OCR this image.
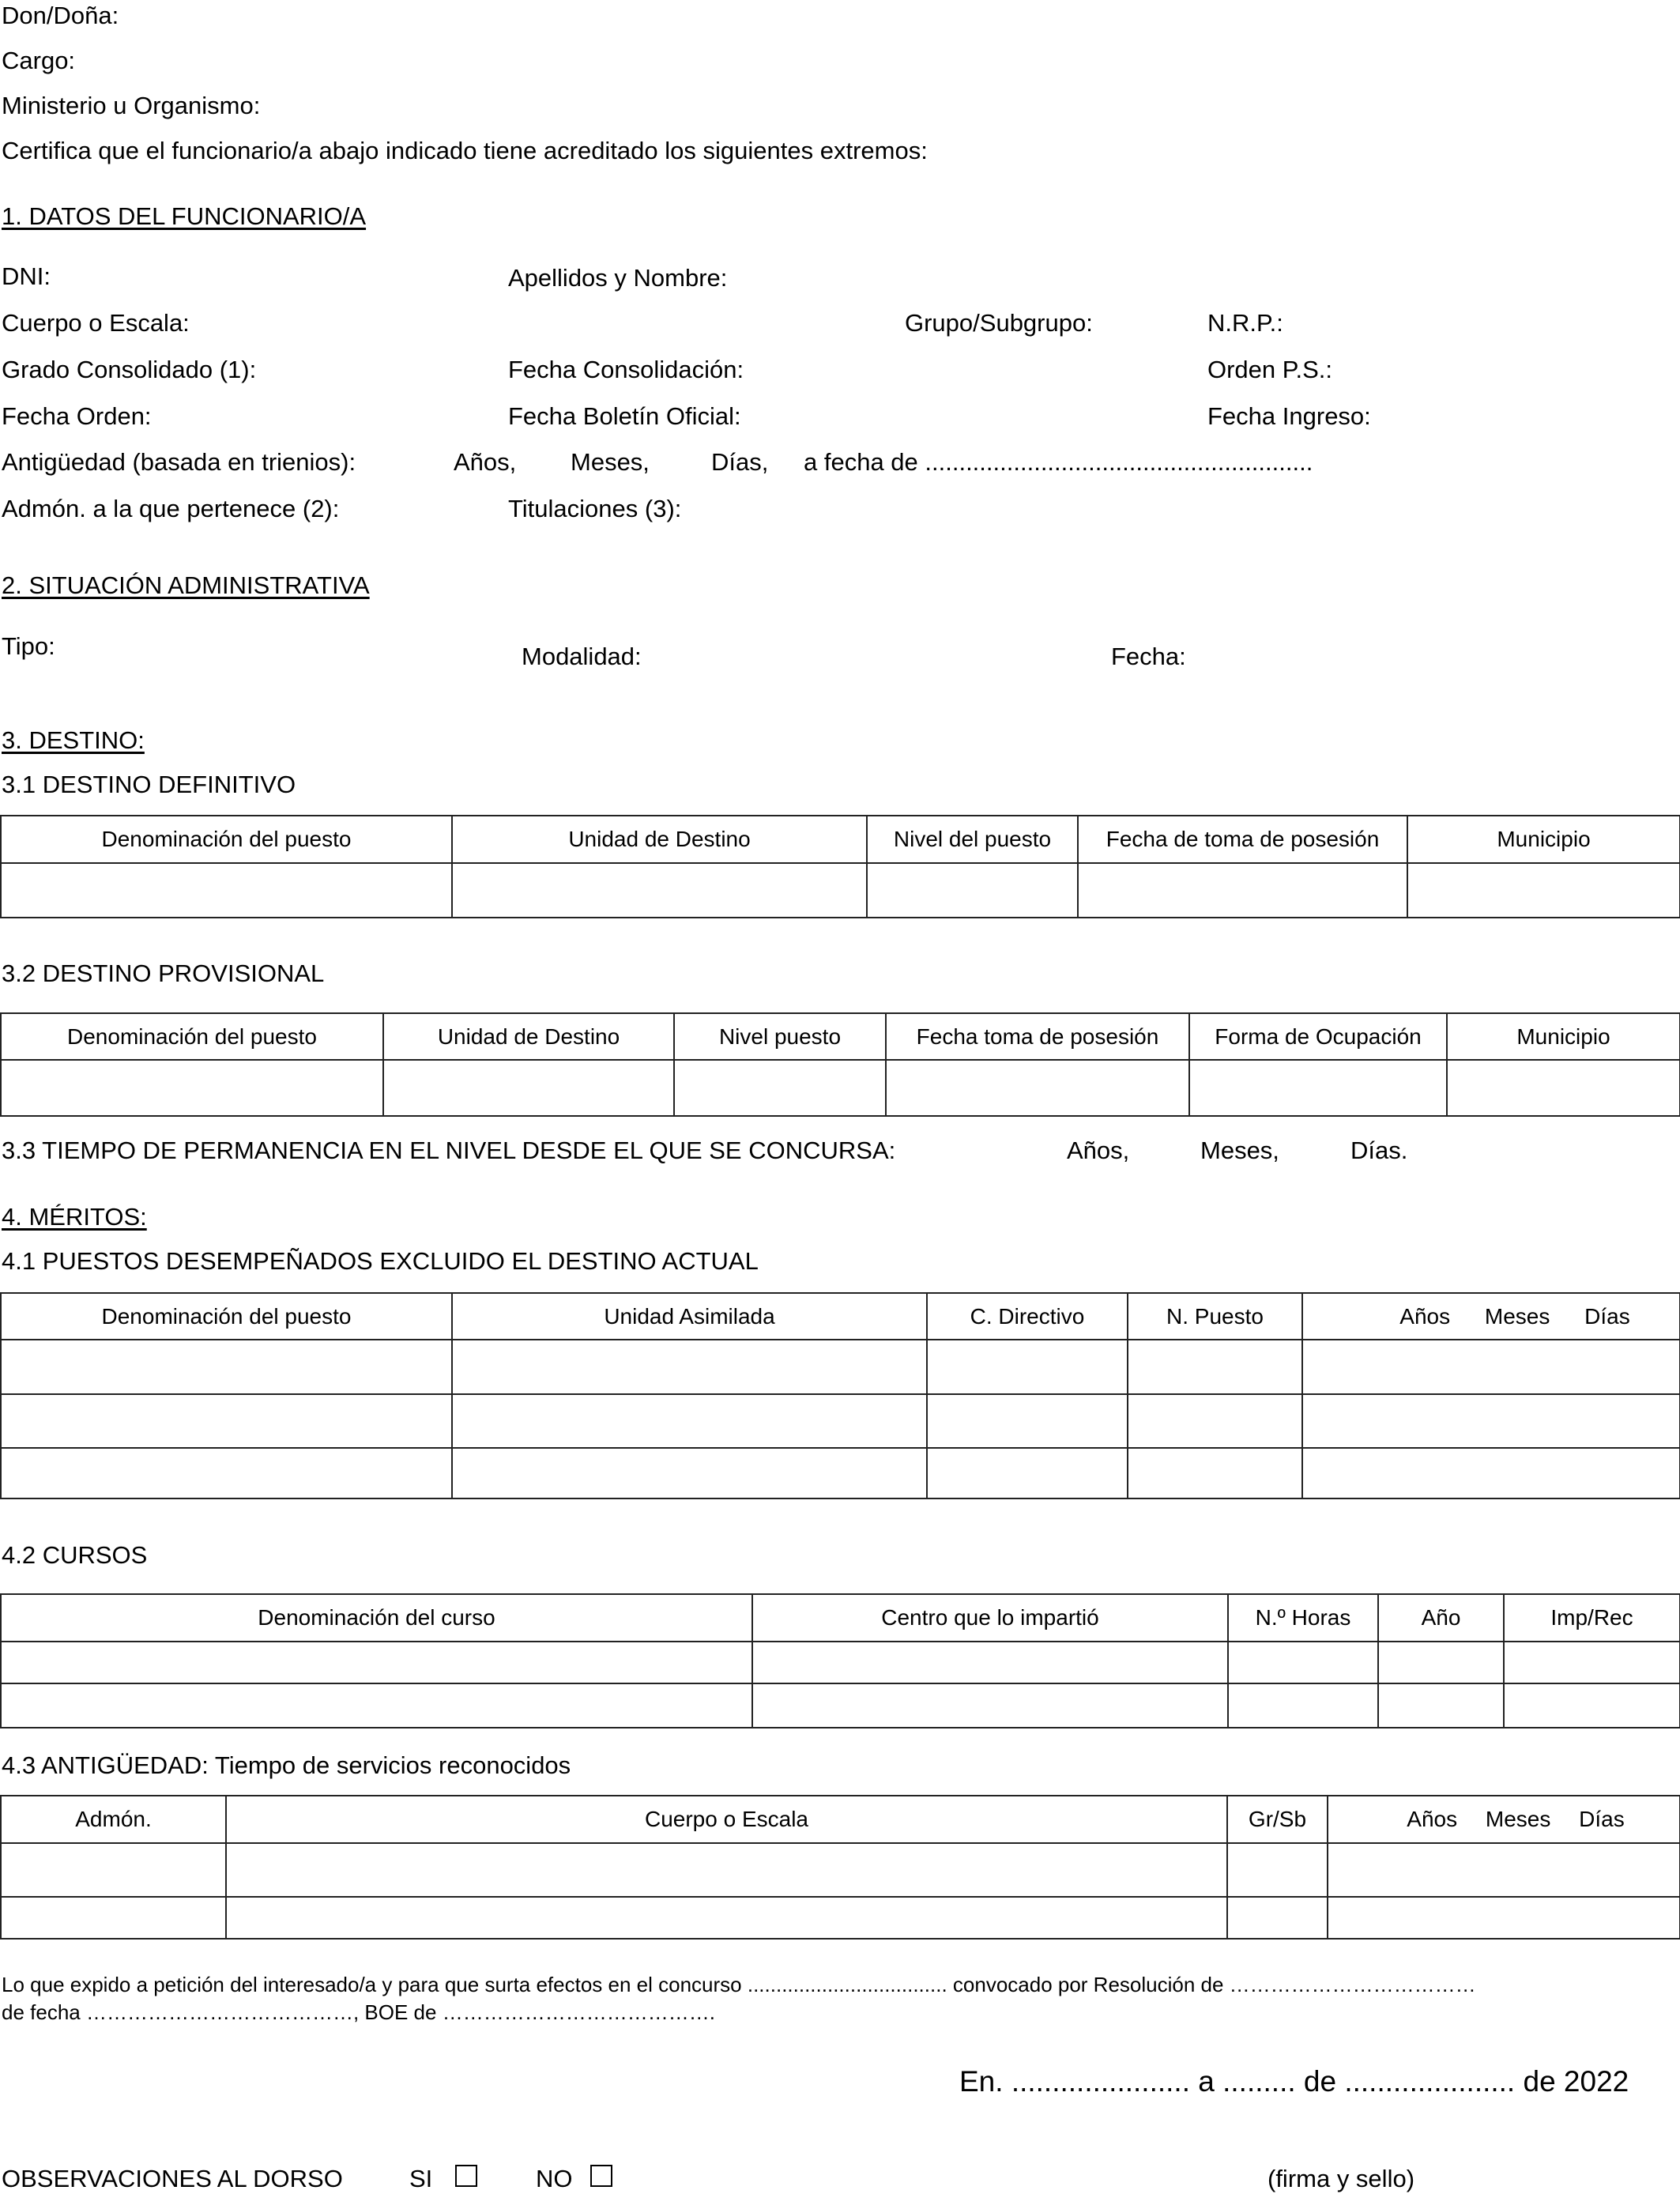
Don/Doña:
Cargo:
Ministerio u Organismo:
Certifica que el funcionario/a abajo indicado tiene acreditado los siguientes extremos:
1. DATOS DEL FUNCIONARIO/A
DNI:	Apellidos y Nombre:
Cuerpo o Escala:	Grupo/Subgrupo:	N.R.P.:
Grado Consolidado (1):	Fecha Consolidación:	Orden P.S.:
Fecha Orden:	Fecha Boletín Oficial:	Fecha Ingreso:
Antigüedad (basada en trienios):	Años, Meses,	Días, a fecha de .........................................................
Admón. a la que pertenece (2):	Titulaciones (3):
2. SITUACIÓN ADMINISTRATIVA
Tipo:	Modalidad:	Fecha:
3. DESTINO:
3.1 DESTINO DEFINITIVO
Denominación del puesto	Unidad de Destino	Nivel del puesto	Fecha de toma de posesión	Municipio

3.2 DESTINO PROVISIONAL
Denominación del puesto	Unidad de Destino	Nivel puesto	Fecha toma de posesión	Forma de Ocupación	Municipio

3.3 TIEMPO DE PERMANENCIA EN EL NIVEL DESDE EL QUE SE CONCURSA:	Años,	Meses,	Días.
4. MÉRITOS:
4.1 PUESTOS DESEMPEÑADOS EXCLUIDO EL DESTINO ACTUAL
Denominación del puesto	Unidad Asimilada	C. Directivo	N. Puesto	Años Meses Días

4.2 CURSOS
Denominación del curso	Centro que lo impartió	N.º Horas	Año	Imp/Rec

4.3 ANTIGÜEDAD: Tiempo de servicios reconocidos
Admón.	Cuerpo o Escala	Gr/Sb	Años Meses Días

Lo que expido a petición del interesado/a y para que surta efectos en el concurso ................................... convocado por Resolución de ………………………………
de fecha …………………………………, BOE de ………………………………….
En. ...................... a ......... de ..................... de 2022
OBSERVACIONES AL DORSO	SI	NO	(firma y sello)
